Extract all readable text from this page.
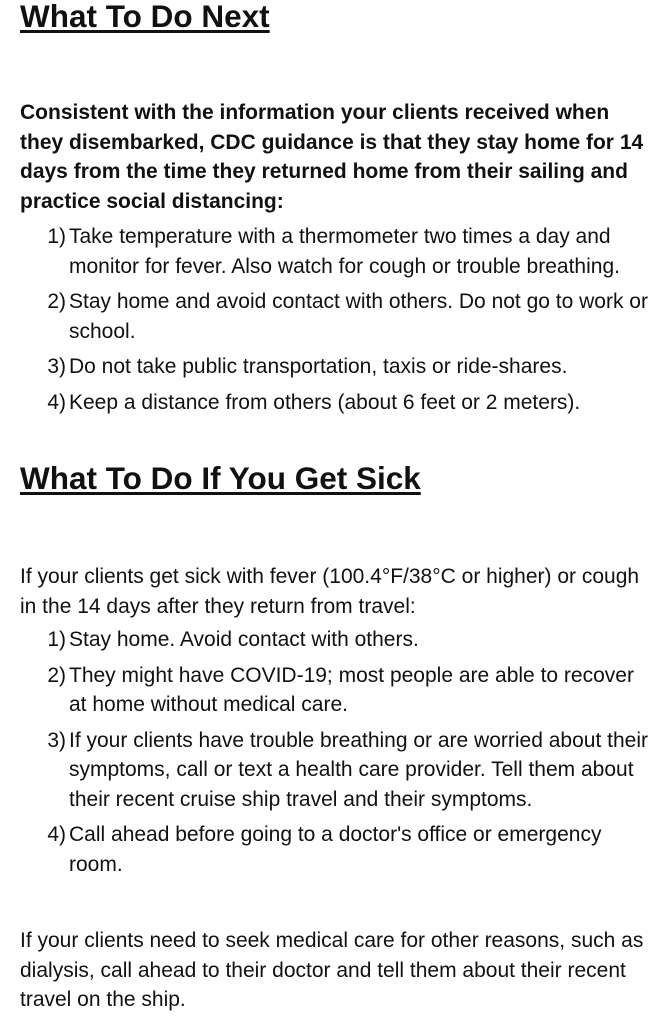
What To Do Next

Consistent with the information your clients received when they disembarked, CDC guidance is that they stay home for 14 days from the time they returned home from their sailing and practice social distancing:

1) Take temperature with a thermometer two times a day and monitor for fever. Also watch for cough or trouble breathing.
2) Stay home and avoid contact with others. Do not go to work or school.
3) Do not take public transportation, taxis or ride-shares.
4) Keep a distance from others (about 6 feet or 2 meters).
What To Do If You Get Sick

If your clients get sick with fever (100.4°F/38°C or higher) or cough in the 14 days after they return from travel:

1) Stay home. Avoid contact with others.
2) They might have COVID-19; most people are able to recover at home without medical care.
3) If your clients have trouble breathing or are worried about their symptoms, call or text a health care provider. Tell them about their recent cruise ship travel and their symptoms.
4) Call ahead before going to a doctor's office or emergency room.

If your clients need to seek medical care for other reasons, such as dialysis, call ahead to their doctor and tell them about their recent travel on the ship.
